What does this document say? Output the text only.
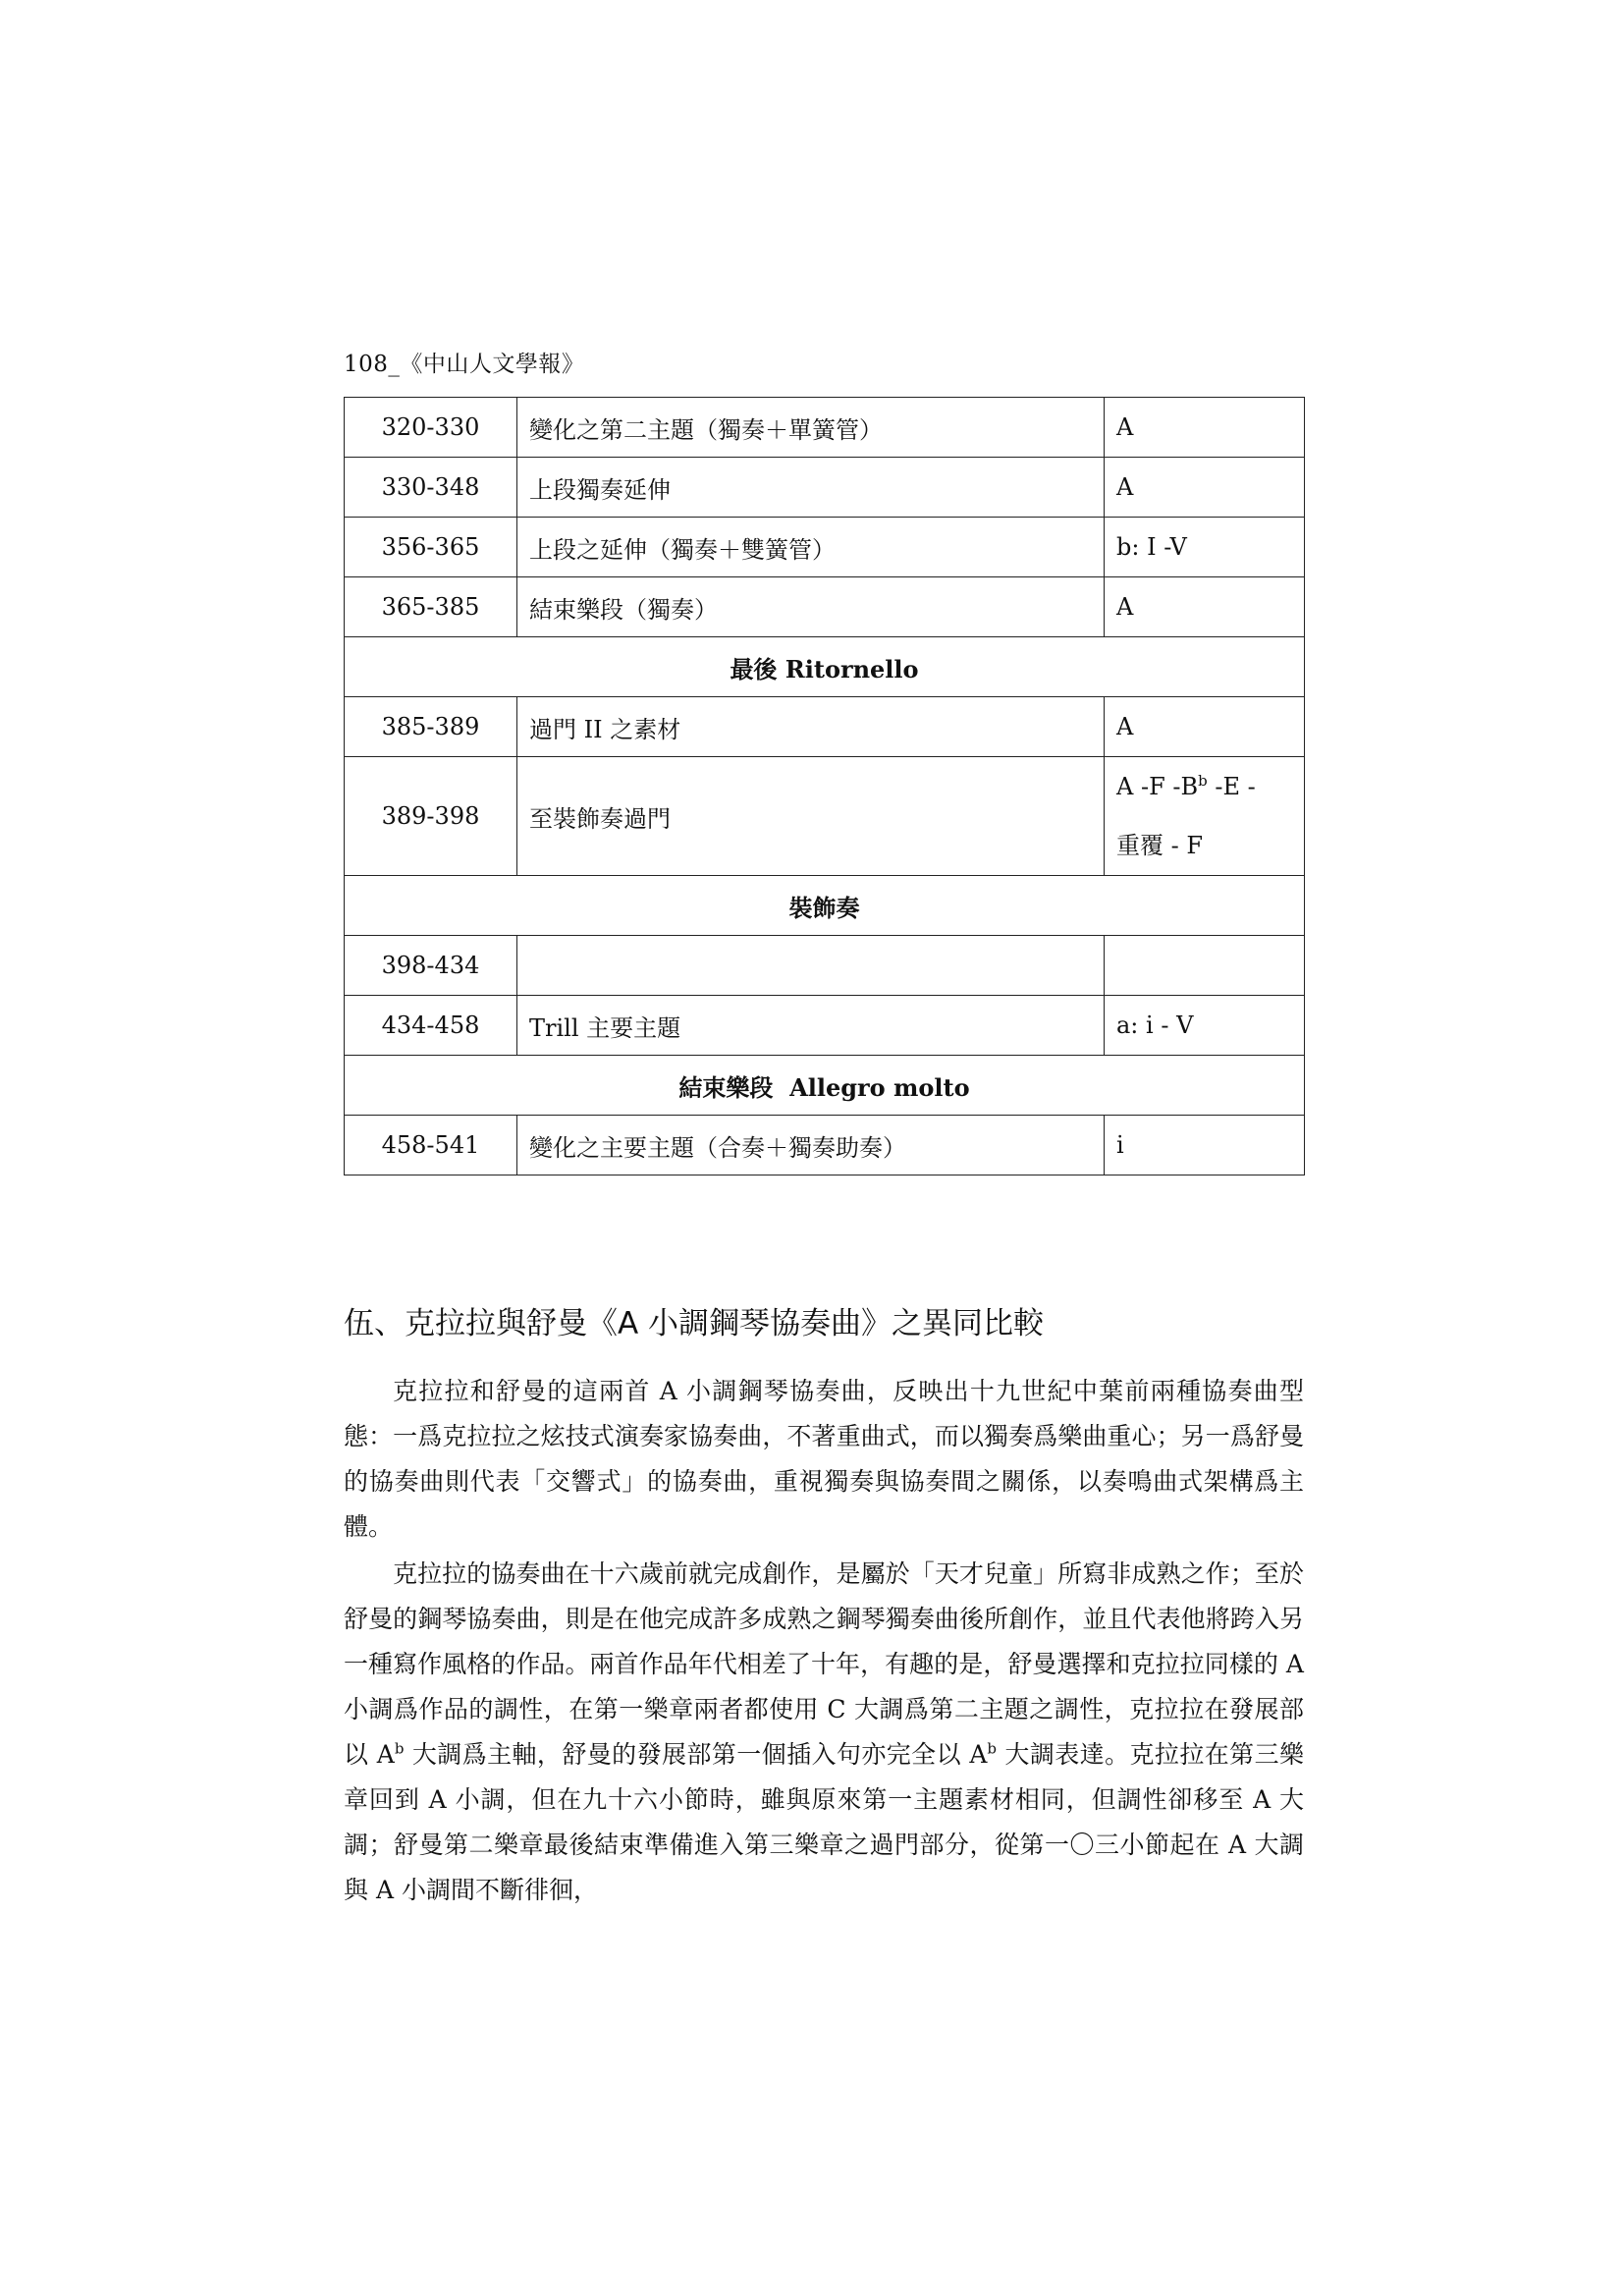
108_《中山人文學報》
320-330	變化之第二主題（獨奏＋單簧管）	A
330-348	上段獨奏延伸	A
356-365	上段之延伸（獨奏＋雙簧管）	b: I -V
365-385	結束樂段（獨奏）	A
最後 Ritornello		
385-389	過門 II 之素材	A
389-398	至裝飾奏過門	A -F $-B^b$ -E -
重覆 - F

裝飾奏		
398-434		
434-458	Trill 主要主題	a: i - V
結束樂段  Allegro molto		
458-541	變化之主要主題（合奏＋獨奏助奏）	i
伍、克拉拉與舒曼《A 小調鋼琴協奏曲》之異同比較

克拉拉和舒曼的這兩首 A 小調鋼琴協奏曲，反映出十九世紀中葉前兩種協奏曲型態：一爲克拉拉之炫技式演奏家協奏曲，不著重曲式，而以獨奏爲樂曲重心；另一爲舒曼的協奏曲則代表「交響式」的協奏曲，重視獨奏與協奏間之關係，以奏鳴曲式架構爲主體。

克拉拉的協奏曲在十六歲前就完成創作，是屬於「天才兒童」所寫非成熟之作；至於舒曼的鋼琴協奏曲，則是在他完成許多成熟之鋼琴獨奏曲後所創作，並且代表他將跨入另一種寫作風格的作品。兩首作品年代相差了十年，有趣的是，舒曼選擇和克拉拉同樣的 A 小調爲作品的調性，在第一樂章兩者都使用 C 大調爲第二主題之調性，克拉拉在發展部以 $A^b$ 大調爲主軸，舒曼的發展部第一個插入句亦完全以 $A^b$ 大調表達。克拉拉在第三樂章回到 A 小調，但在九十六小節時，雖與原來第一主題素材相同，但調性卻移至 A 大調；舒曼第二樂章最後結束準備進入第三樂章之過門部分，從第一〇三小節起在 A 大調與 A 小調間不斷徘徊，
